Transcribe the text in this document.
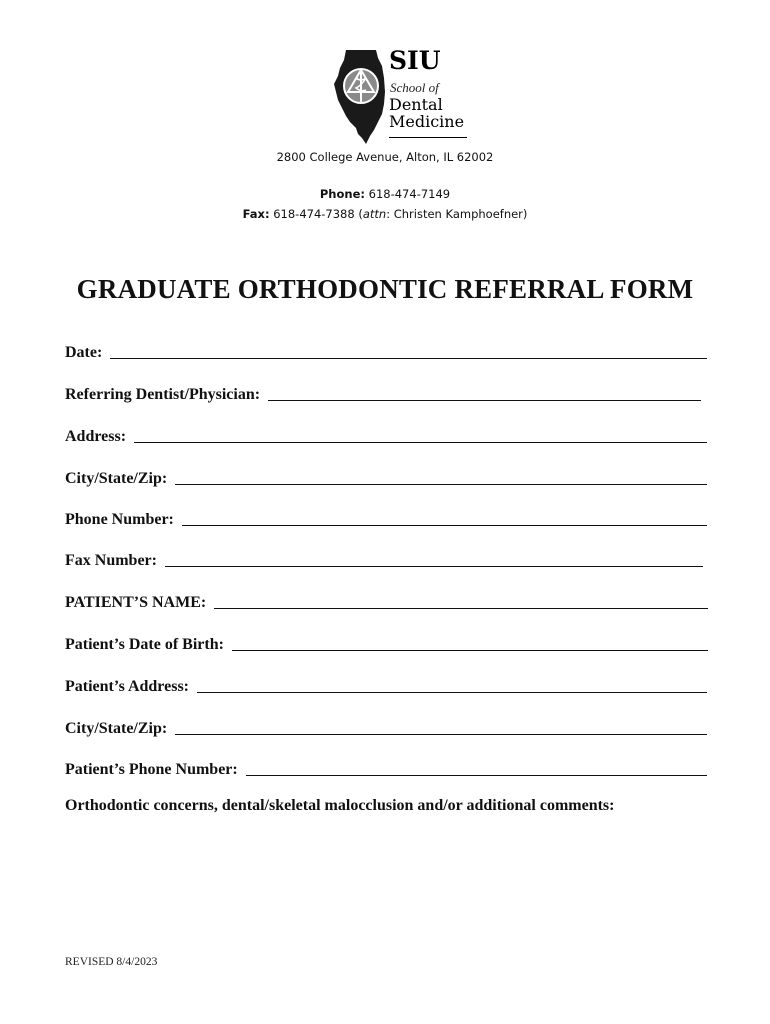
SIU
School of
Dental
Medicine
2800 College Avenue, Alton, IL 62002
Phone: 618-474-7149
Fax: 618-474-7388 (attn: Christen Kamphoefner)
GRADUATE ORTHODONTIC REFERRAL FORM
Date:
Referring Dentist/Physician:
Address:
City/State/Zip:
Phone Number:
Fax Number:
PATIENT’S NAME:
Patient’s Date of Birth:
Patient’s Address:
City/State/Zip:
Patient’s Phone Number:
Orthodontic concerns, dental/skeletal malocclusion and/or additional comments:
REVISED 8/4/2023
